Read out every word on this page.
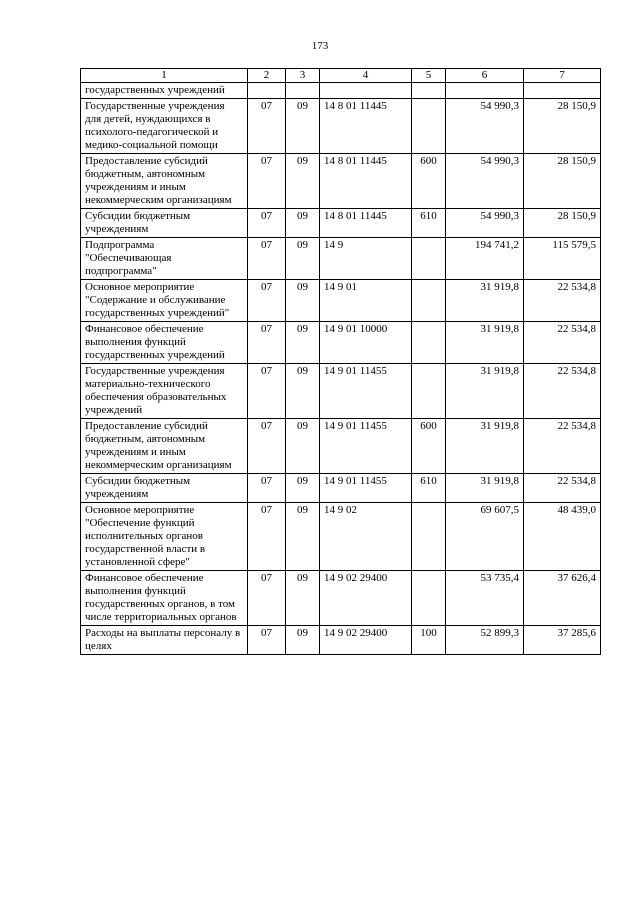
173
1	2	3	4	5	6	7
государственных учреждений						
Государственные учреждения для детей, нуждающихся в психолого-педагогической и медико-социальной помощи	07	09	14 8 01 11445		54 990,3	28 150,9
Предоставление субсидий бюджетным, автономным учреждениям и иным некоммерческим организациям	07	09	14 8 01 11445	600	54 990,3	28 150,9
Субсидии бюджетным учреждениям	07	09	14 8 01 11445	610	54 990,3	28 150,9
Подпрограмма "Обеспечивающая подпрограмма"	07	09	14 9		194 741,2	115 579,5
Основное мероприятие "Содержание и обслуживание государственных учреждений"	07	09	14 9 01		31 919,8	22 534,8
Финансовое обеспечение выполнения функций государственных учреждений	07	09	14 9 01 10000		31 919,8	22 534,8
Государственные учреждения материально-технического обеспечения образовательных учреждений	07	09	14 9 01 11455		31 919,8	22 534,8
Предоставление субсидий бюджетным, автономным учреждениям и иным некоммерческим организациям	07	09	14 9 01 11455	600	31 919,8	22 534,8
Субсидии бюджетным учреждениям	07	09	14 9 01 11455	610	31 919,8	22 534,8
Основное мероприятие "Обеспечение функций исполнительных органов государственной власти в установленной сфере"	07	09	14 9 02		69 607,5	48 439,0
Финансовое обеспечение выполнения функций государственных органов, в том числе территориальных органов	07	09	14 9 02 29400		53 735,4	37 626,4
Расходы на выплаты персоналу в целях	07	09	14 9 02 29400	100	52 899,3	37 285,6
